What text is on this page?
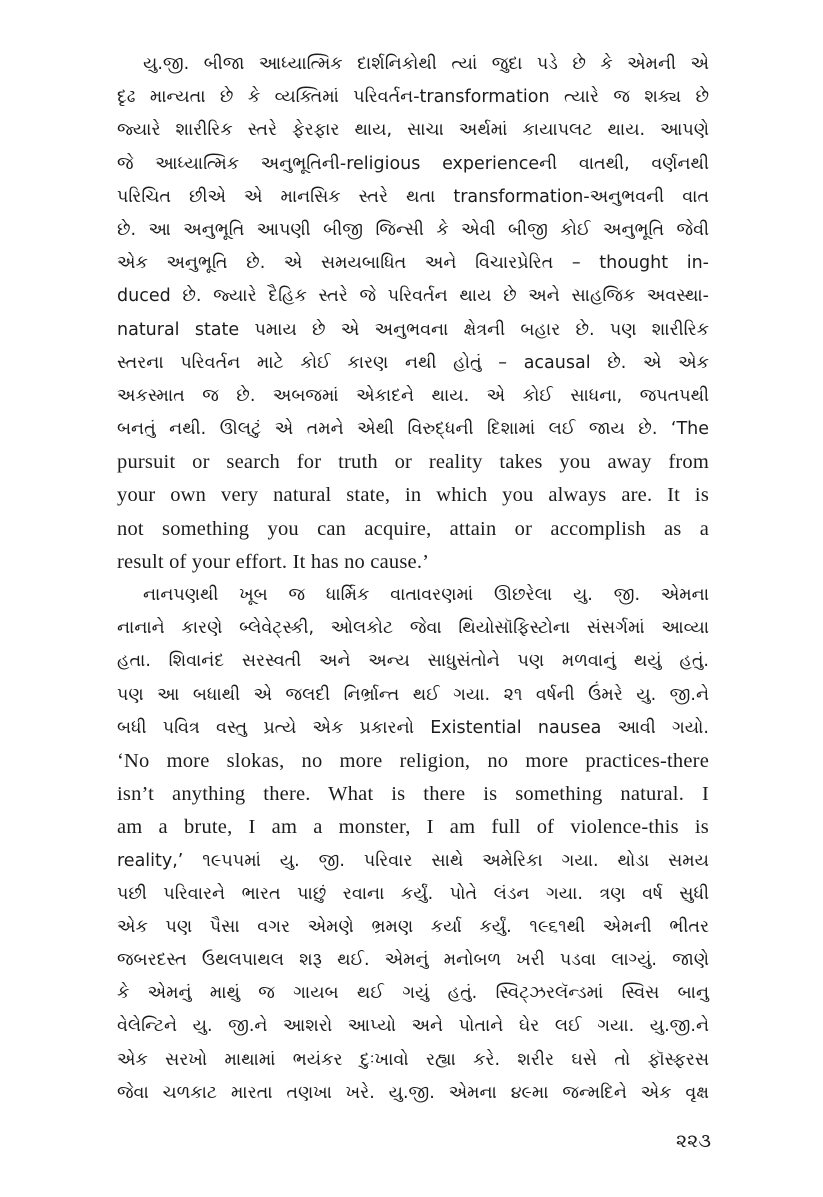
યુ.જી. બીજા આધ્યાત્મિક દાર્શનિકોથી ત્યાં જુદા પડે છે કે એમની એ
દૃઢ માન્યતા છે કે વ્યક્તિમાં પરિવર્તન-transformation ત્યારે જ શક્ય છે
જ્યારે શારીરિક સ્તરે ફેરફાર થાય, સાચા અર્થમાં કાયાપલટ થાય. આપણે
જે આધ્યાત્મિક અનુભૂતિની-religious experienceની વાતથી, વર્ણનથી
પરિચિત છીએ એ માનસિક સ્તરે થતા transformation-અનુભવની વાત
છે. આ અનુભૂતિ આપણી બીજી જિન્સી કે એવી બીજી કોઈ અનુભૂતિ જેવી
એક અનુભૂતિ છે. એ સમયબાધિત અને વિચારપ્રેરિત – thought in-
duced છે. જ્યારે દૈહિક સ્તરે જે પરિવર્તન થાય છે અને સાહજિક અવસ્થા-
natural state પમાય છે એ અનુભવના ક્ષેત્રની બહાર છે. પણ શારીરિક
સ્તરના પરિવર્તન માટે કોઈ કારણ નથી હોતું – acausal છે. એ એક
અકસ્માત જ છે. અબજમાં એકાદને થાય. એ કોઈ સાધના, જપતપથી
બનતું નથી. ઊલટું એ તમને એથી વિરુદ્ધની દિશામાં લઈ જાય છે. ‘The
pursuit or search for truth or reality takes you away from
your own very natural state, in which you always are. It is
not something you can acquire, attain or accomplish as a
result of your effort. It has no cause.’
નાનપણથી ખૂબ જ ધાર્મિક વાતાવરણમાં ઊછરેલા યુ. જી. એમના
નાનાને કારણે બ્લેવેટ્સ્કી, ઓલકોટ જેવા થિયોસૉફિસ્ટોના સંસર્ગમાં આવ્યા
હતા. શિવાનંદ સરસ્વતી અને અન્ય સાધુસંતોને પણ મળવાનું થયું હતું.
પણ આ બધાથી એ જલદી નિર્ભ્રાન્ત થઈ ગયા. ૨૧ વર્ષની ઉંમરે યુ. જી.ને
બધી પવિત્ર વસ્તુ પ્રત્યે એક પ્રકારનો Existential nausea આવી ગયો.
‘No more slokas, no more religion, no more practices-there
isn’t anything there. What is there is something natural. I
am a brute, I am a monster, I am full of violence-this is
reality,’ ૧૯૫૫માં યુ. જી. પરિવાર સાથે અમેરિકા ગયા. થોડા સમય
પછી પરિવારને ભારત પાછું રવાના કર્યું. પોતે લંડન ગયા. ત્રણ વર્ષ સુધી
એક પણ પૈસા વગર એમણે ભ્રમણ કર્યા કર્યું. ૧૯૬૧થી એમની ભીતર
જબરદસ્ત ઉથલપાથલ શરૂ થઈ. એમનું મનોબળ ખરી પડવા લાગ્યું. જાણે
કે એમનું માથું જ ગાયબ થઈ ગયું હતું. સ્વિટ્ઝરલૅન્ડમાં સ્વિસ બાનુ
વેલેન્ટિને યુ. જી.ને આશરો આપ્યો અને પોતાને ઘેર લઈ ગયા. યુ.જી.ને
એક સરખો માથામાં ભયંકર દુઃખાવો રહ્યા કરે. શરીર ઘસે તો ફૉસ્ફરસ
જેવા ચળકાટ મારતા તણખા ખરે. યુ.જી. એમના ૪૯મા જન્મદિને એક વૃક્ષ
૨૨૩
